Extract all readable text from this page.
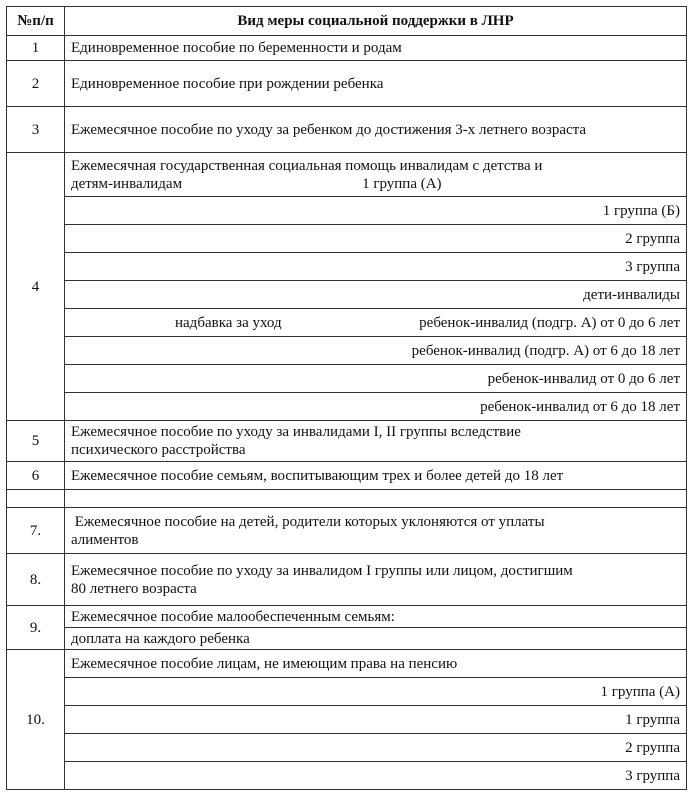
№п/п	Вид меры социальной поддержки в ЛНР
1	Единовременное пособие по беременности и родам
2	Единовременное пособие при рождении ребенка
3	Ежемесячное пособие по уходу за ребенком до достижения 3-х летнего возраста
4	Ежемесячная государственная социальная помощь инвалидам с детства и
детям-инвалидам 1 группа (А)

	1 группа (Б)
	2 группа
	3 группа
	дети-инвалиды

	надбавка за уход ребенок-инвалид (подгр. А) от 0 до 6 лет

	ребенок-инвалид (подгр. А) от 6 до 18 лет
	ребенок-инвалид от 0 до 6 лет
	ребенок-инвалид от 6 до 18 лет
5	Ежемесячное пособие по уходу за инвалидами I, II группы вследствие
психического расстройства

6	Ежемесячное пособие семьям, воспитывающим трех и более детей до 18 лет

7.	Ежемесячное пособие на детей, родители которых уклоняются от уплаты
алиментов

8.	Ежемесячное пособие по уходу за инвалидом I группы или лицом, достигшим
80 летнего возраста

9.	Ежемесячное пособие малообеспеченным семьям:
	доплата на каждого ребенка
10.	Ежемесячное пособие лицам, не имеющим права на пенсию
	1 группа (А)
	1 группа
	2 группа
	3 группа
